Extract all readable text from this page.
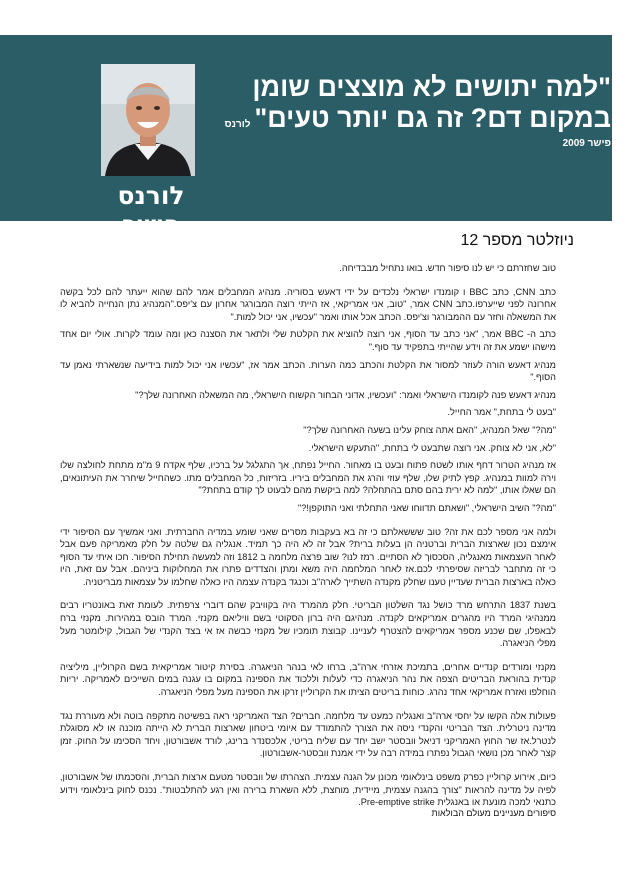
לורנס פישר
"למה יתושים לא מוצצים שומן
במקום דם? זה גם יותר טעים"לורנס
פישר 2009
ניוזלטר מספר 12

טוב שחזרתם כי יש לנו סיפור חדש. בואו נתחיל מבבדיחה.

כתב CNN, כתב BBC ו קומנדו ישראלי נלכדים על ידי דאעש בסוריה. מנהיג המחבלים אמר להם שהוא ייעתר להם לכל בקשה אחרונה לפני שייערפו.כתב CNN אמר, "טוב, אני אמריקאי, אז הייתי רוצה המבורגר אחרון עם צ'יפס."המנהיג נתן הנחייה להביא לו את המשאלה וחזר עם ההמבורגר וצ'יפס. הכתב אכל אותו ואמר "עכשיו, אני יכול למות."

כתב ה- BBC אמר, "אני כתב עד הסוף, אני רוצה להוציא את הקלטת שלי ולתאר את הסצנה כאן ומה עומד לקרות. אולי יום אחד מישהו ישמע את זה וידע שהייתי בתפקיד עד סוף."

מנהיג דאעש הורה לעוזר למסור את הקלטת והכתב כמה הערות. הכתב אמר אז, "עכשיו אני יכול למות בידיעה שנשארתי נאמן עד הסוף."

מנהיג דאעש פנה לקומנדו הישראלי ואמר: "ועכשיו, אדוני הבחור הקשוח הישראלי, מה המשאלה האחרונה שלך?"

"בעט לי בתחת," אמר החייל.

"מה?" שאל המנהיג, "האם אתה צוחק עלינו בשעה האחרונה שלך?"

"לא, אני לא צוחק. אני רוצה שתבעט לי בתחת, "התעקש הישראלי.

אז מנהיג הטרור דחף אותו לשטח פתוח ובעט בו מאחור. החייל נפתח, אך התגלגל על ברכיו, שלף אקדח 9 מ"מ מתחת לחולצה שלו וירה למוות במנהיג. קפץ לתיק שלו, שלף עוזי והרג את המחבלים ביריו. בזריזות, כל המחבלים מתו. כשהחייל שיחרר את העיתונאים, הם שאלו אותו, "למה לא ירית בהם סתם בהתחלה? למה ביקשת מהם לבעוט לך קודם בתחת?"

"מה?" השיב הישראלי, "ושאתם תדווחו שאני התחלתי ואני התוקפן!?"

ולמה אני מספר לכם את זה? טוב שששאלתם כי זה בא בעקבות מסרים שאני שומע במדיה החברתית. ואני אמשיך עם הסיפור ידי אימצם נכון שארצות הברית וברטניה הן בעלות ברית? אבל זה לא היה כך תמיד. אנגליה גם שלטה על חלק מאמריקה פעם אבל לאחר העצמאות מאנגליה, הסכסוך לא הסתיים. רמז לנו? שוב פרצה מלחמה ב 1812 וזה למעשה תחילת הסיפור. חכו איתי עד הסוף כי זה מתחבר לבריזה שסיפרתי לכם.אז לאחר המלחמה היה משא ומתן והצדדים פתרו את המחלוקות ביניהם. אבל עם זאת, היו כאלה בארצות הברית שעדיין טענו שחלק מקנדה השתייך לארה"ב וכנגד בקנדה עצמה היו כאלה שחלמו על עצמאות מבריטניה.

בשנת 1837 התרחש מרד כושל נגד השלטון הבריטי. חלק מהמרד היה בקוויבק שהם דוברי צרפתית. לעומת זאת באונטריו רבים ממנהיגי המרד היו מהגרים אמריקאים לקנדה. מנהיגם היה ברון הסקוטי בשם וויליאם מקנזי. המרד הובס במהירות. מקנזי ברח לבאפלו, שם שכנע מספר אמריקאים להצטרף לעניינו. קבוצת תומכיו של מקנזי כבשה אז אי בצד הקנדי של הגבול, קילומטר מעל מפלי הניאגרה.

מקנזי ומורדים קנדיים אחרים, בתמיכת אזרחי ארה"ב, ברחו לאי בנהר הניאגרה. בסירת קיטור אמריקאית בשם הקרוליין, מיליציה קנדית בהוראת הבריטים הצפה את נהר הניאגרה כדי לעלות וללכוד את הספינה במקום בו עגנה במים השייכים לאמריקה. יריות הוחלפו ואזרח אמריקאי אחד נהרג. כוחות בריטים הציתו את הקרוליין זרקו את הספינה מעל מפלי הניאגרה.

פעולות אלה הקשו על יחסי ארה"ב ואנגליה כמעט עד מלחמה. חברים? הצד האמריקני ראה בפשיטה מתקפה בוטה ולא מעוררת נגד מדינה ניטרלית. הצד הבריטי והקנדי ניסה את הצורך להתמודד עם איומי ביטחון שארצות הברית לא הייתה מוכנה או לא מסוגלת לנטרל.אז שר החוץ האמריקני דניאל וובסטר ישב יחד עם שליח בריטי, אלכסנדר ברינג, לורד אשבורטון, ויחד הסכימו על החוק. זמן קצר לאחר מכן נושאי הגבול נפתרו במידה רבה על ידי אמנת וובסטר-אשבורטון.

כיום, אירוע קרוליין כפרק משפט בינלאומי מכונן על הגנה עצמית. הצהרתו של וובסטר מטעם ארצות הברית, והסכמתו של אשבורטון, לפיה על מדינה להראות "צורך בהגנה עצמית, מיידית, מוחצת, ללא השארת ברירה ואין רגע להתלבטות". נכנס לחוק בינלאומי וידוע כתנאי למכה מונעת או באנגלית Pre-emptive strike.

סיפורים מעניינים מעולם הבולאות
